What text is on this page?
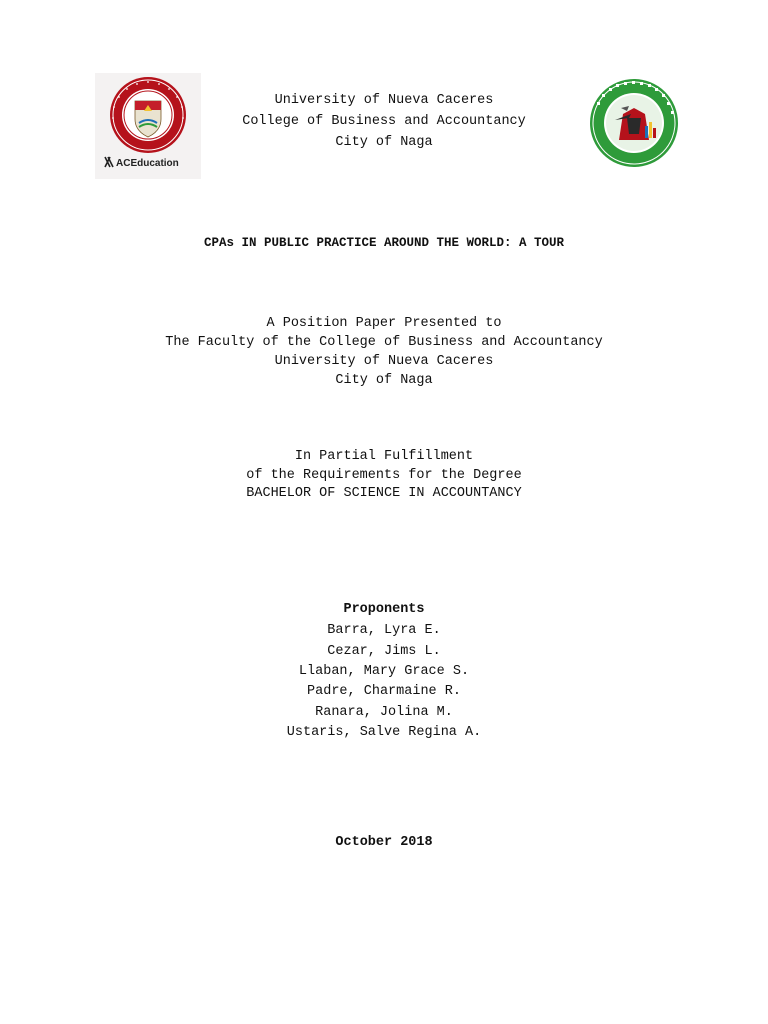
ACEducation
University of Nueva Caceres
College of Business and Accountancy
City of Naga
CPAs IN PUBLIC PRACTICE AROUND THE WORLD: A TOUR
A Position Paper Presented to
The Faculty of the College of Business and Accountancy
University of Nueva Caceres
City of Naga
In Partial Fulfillment
of the Requirements for the Degree
BACHELOR OF SCIENCE IN ACCOUNTANCY
Proponents
Barra, Lyra E.
Cezar, Jims L.
Llaban, Mary Grace S.
Padre, Charmaine R.
Ranara, Jolina M.
Ustaris, Salve Regina A.
October 2018
